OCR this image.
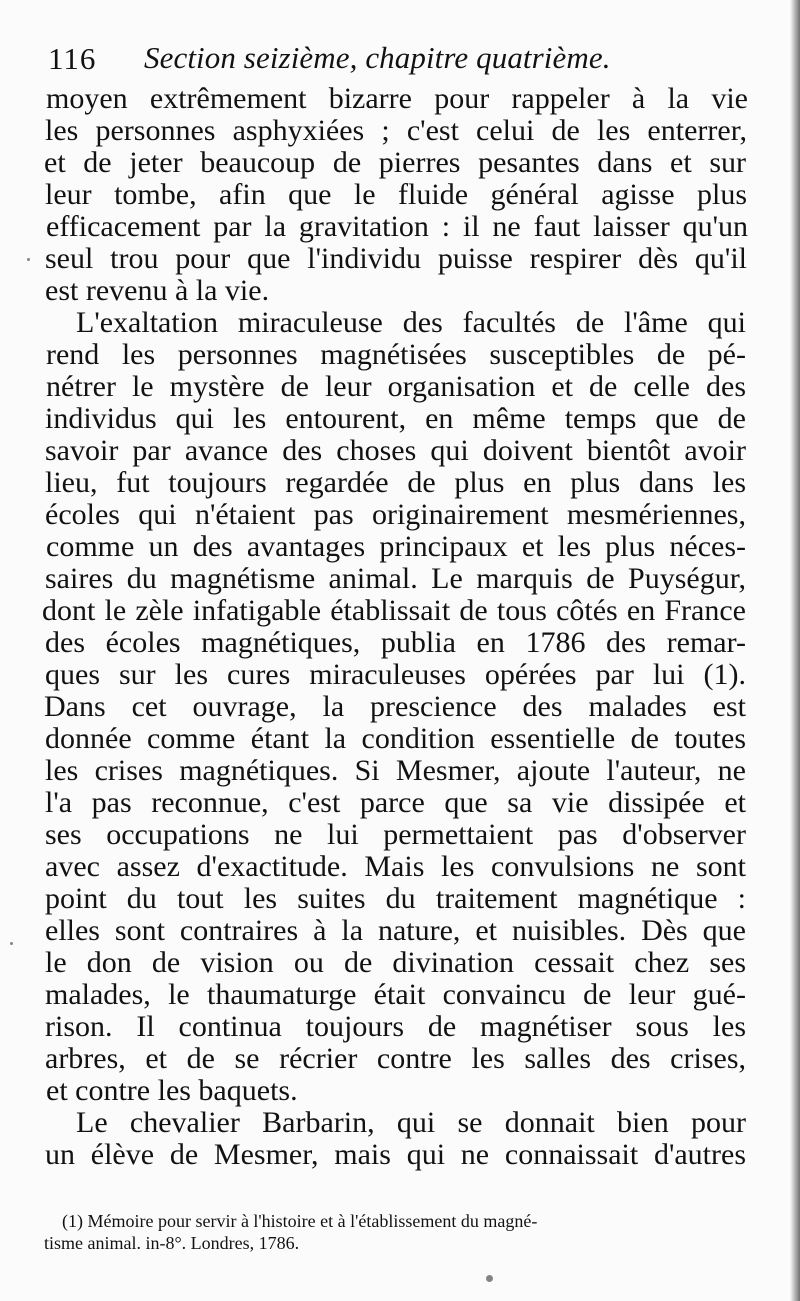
116 Section seizième, chapitre quatrième.
moyen extrêmement bizarre pour rappeler à la vie
les personnes asphyxiées ; c'est celui de les enterrer,
et de jeter beaucoup de pierres pesantes dans et sur
leur tombe, afin que le fluide général agisse plus
efficacement par la gravitation : il ne faut laisser qu'un
seul trou pour que l'individu puisse respirer dès qu'il
est revenu à la vie.
L'exaltation miraculeuse des facultés de l'âme qui
rend les personnes magnétisées susceptibles de pé-
nétrer le mystère de leur organisation et de celle des
individus qui les entourent, en même temps que de
savoir par avance des choses qui doivent bientôt avoir
lieu, fut toujours regardée de plus en plus dans les
écoles qui n'étaient pas originairement mesmériennes,
comme un des avantages principaux et les plus néces-
saires du magnétisme animal. Le marquis de Puységur,
dont le zèle infatigable établissait de tous côtés en France
des écoles magnétiques, publia en 1786 des remar-
ques sur les cures miraculeuses opérées par lui (1).
Dans cet ouvrage, la prescience des malades est
donnée comme étant la condition essentielle de toutes
les crises magnétiques. Si Mesmer, ajoute l'auteur, ne
l'a pas reconnue, c'est parce que sa vie dissipée et
ses occupations ne lui permettaient pas d'observer
avec assez d'exactitude. Mais les convulsions ne sont
point du tout les suites du traitement magnétique :
elles sont contraires à la nature, et nuisibles. Dès que
le don de vision ou de divination cessait chez ses
malades, le thaumaturge était convaincu de leur gué-
rison. Il continua toujours de magnétiser sous les
arbres, et de se récrier contre les salles des crises,
et contre les baquets.
Le chevalier Barbarin, qui se donnait bien pour
un élève de Mesmer, mais qui ne connaissait d'autres
(1) Mémoire pour servir à l'histoire et à l'établissement du magné-
tisme animal. in-8°. Londres, 1786.
